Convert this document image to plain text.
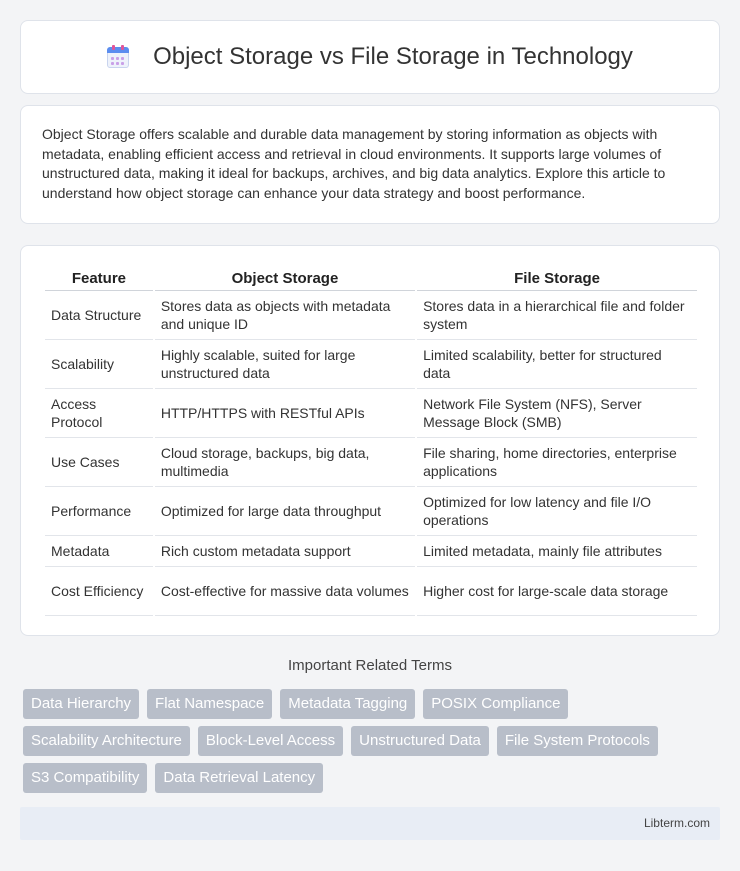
Object Storage vs File Storage in Technology

Object Storage offers scalable and durable data management by storing information as objects with metadata, enabling efficient access and retrieval in cloud environments. It supports large volumes of unstructured data, making it ideal for backups, archives, and big data analytics. Explore this article to understand how object storage can enhance your data strategy and boost performance.

Feature	Object Storage	File Storage
Data Structure	Stores data as objects with metadata and unique ID	Stores data in a hierarchical file and folder system
Scalability	Highly scalable, suited for large unstructured data	Limited scalability, better for structured data
Access Protocol	HTTP/HTTPS with RESTful APIs	Network File System (NFS), Server Message Block (SMB)
Use Cases	Cloud storage, backups, big data, multimedia	File sharing, home directories, enterprise applications
Performance	Optimized for large data throughput	Optimized for low latency and file I/O operations
Metadata	Rich custom metadata support	Limited metadata, mainly file attributes
Cost Efficiency	Cost-effective for massive data volumes	Higher cost for large-scale data storage
Important Related Terms
Data Hierarchy	Flat Namespace	Metadata Tagging	POSIX Compliance
Scalability Architecture	Block-Level Access	Unstructured Data	File System Protocols
S3 Compatibility	Data Retrieval Latency
Libterm.com
